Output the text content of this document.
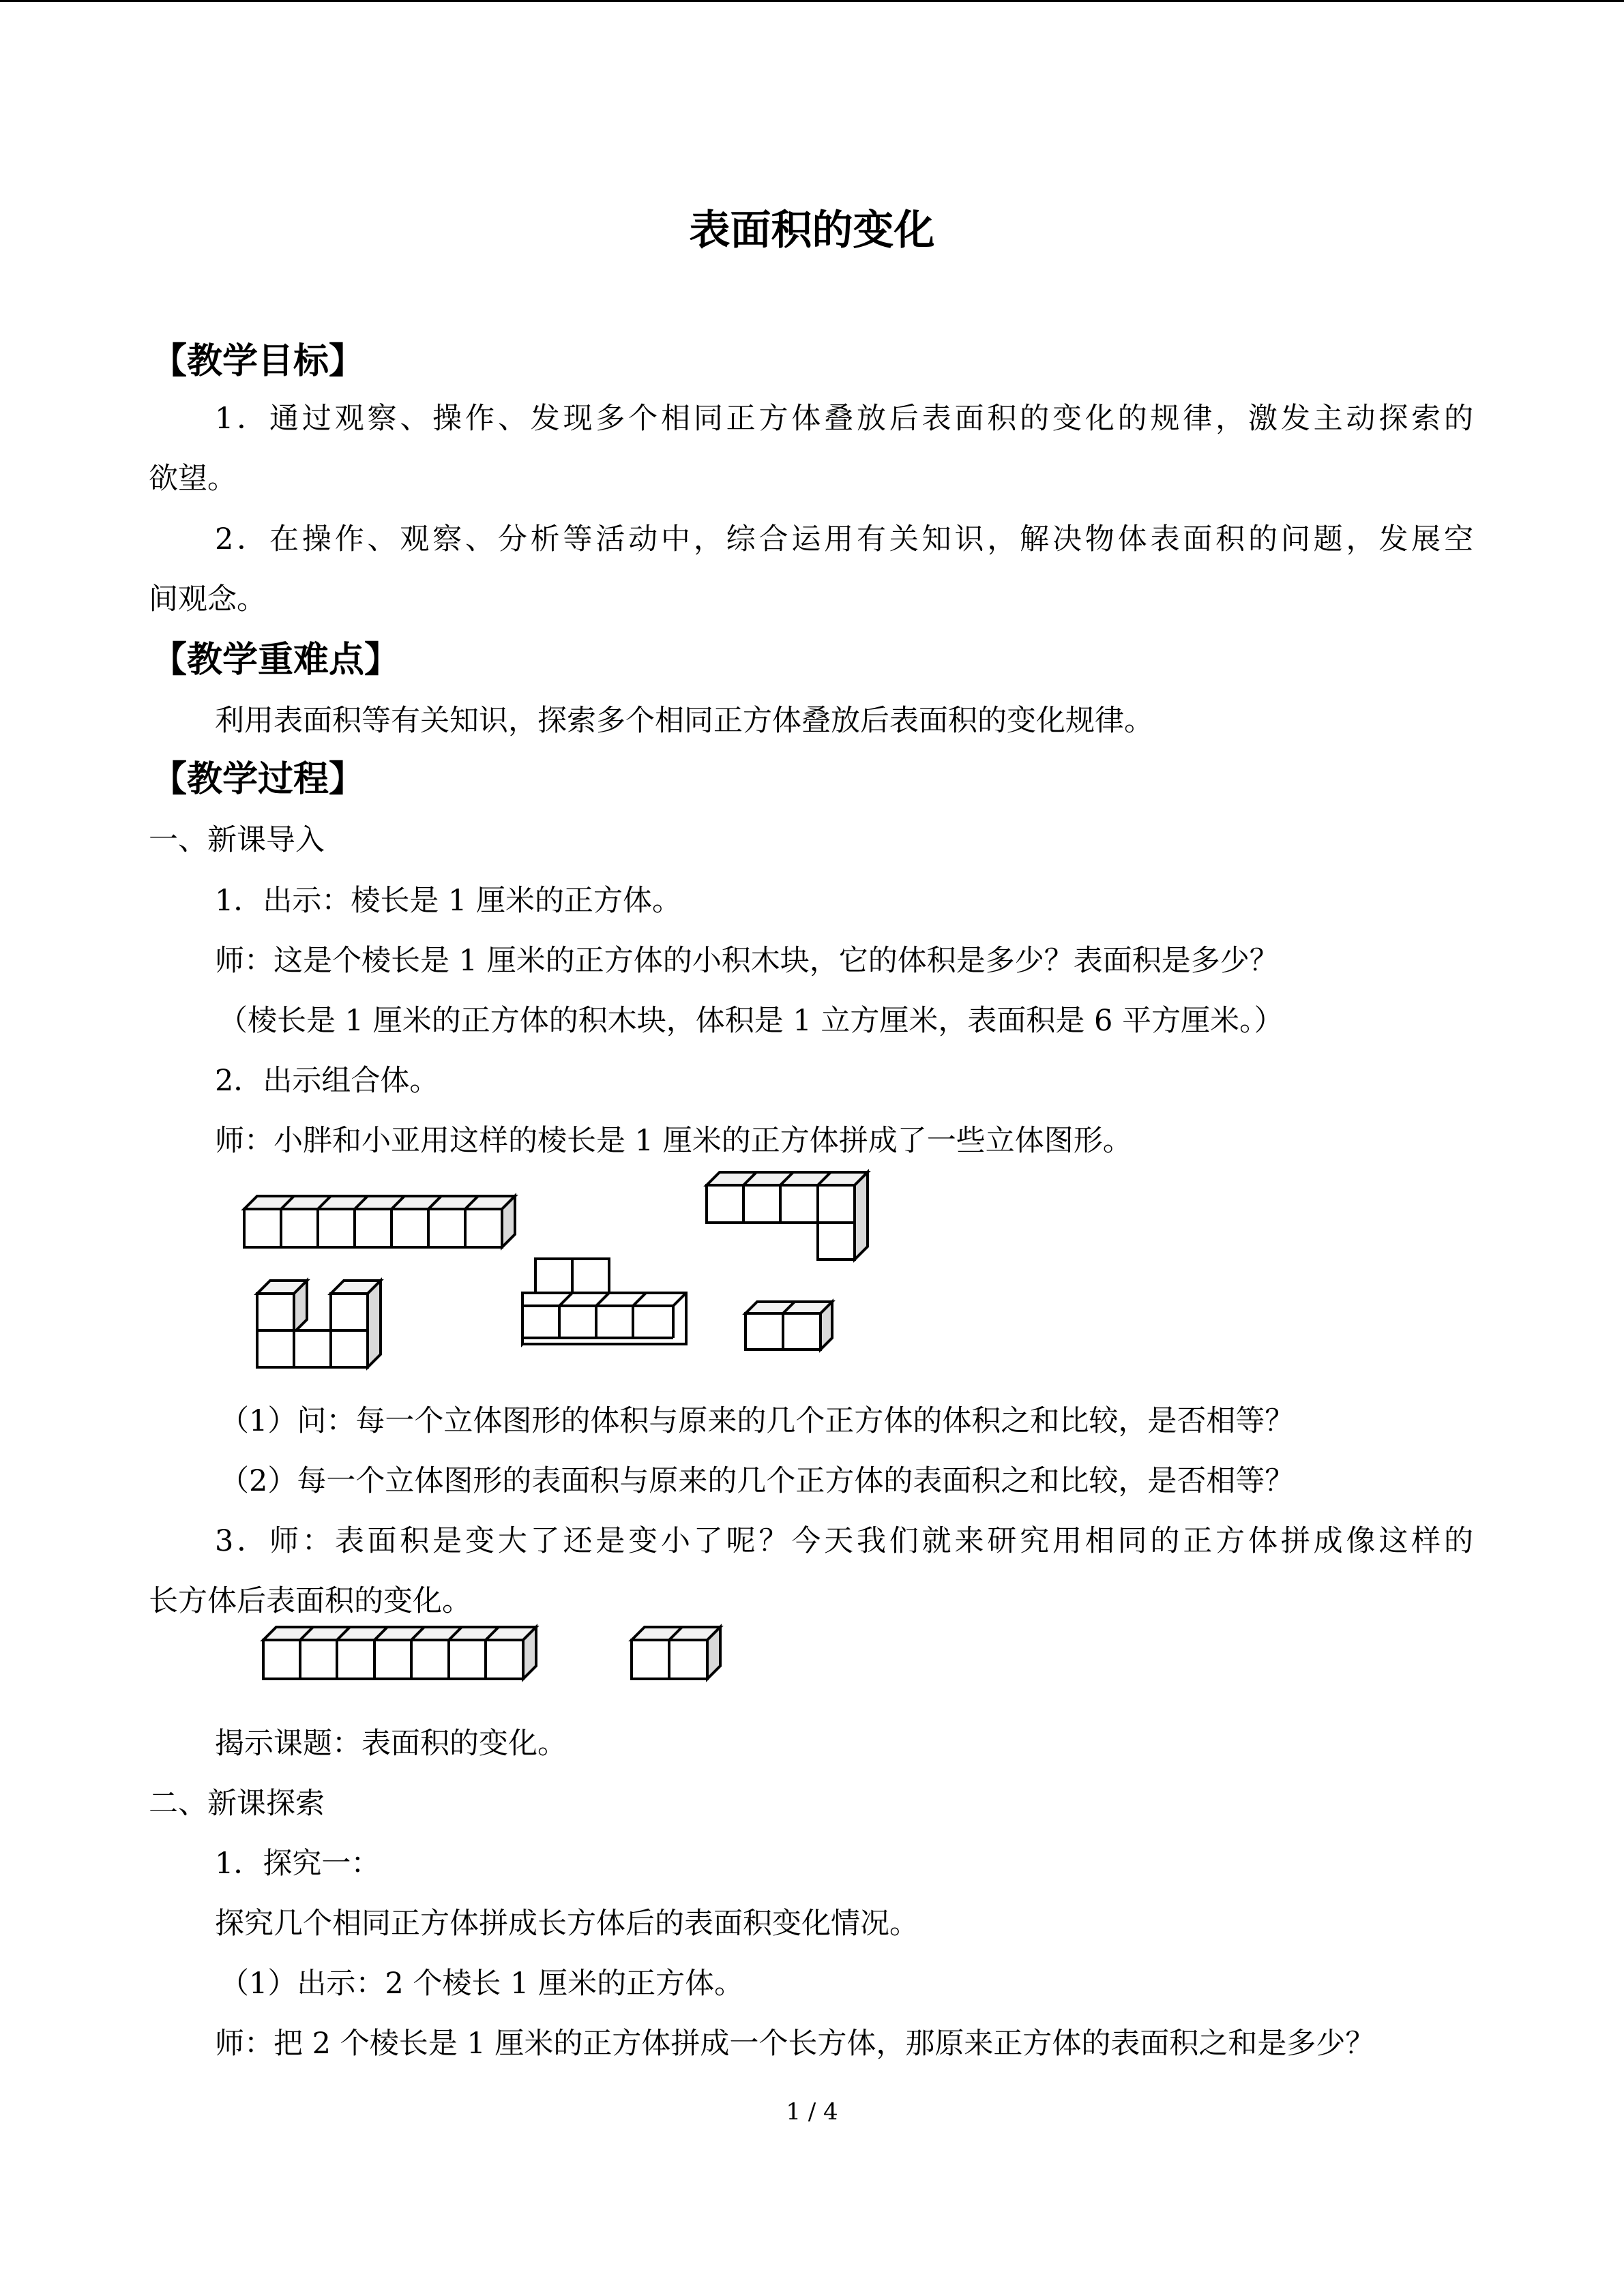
表面积的变化
【教学目标】
1．通过观察、操作、发现多个相同正方体叠放后表面积的变化的规律，激发主动探索的
欲望。
2．在操作、观察、分析等活动中，综合运用有关知识，解决物体表面积的问题，发展空
间观念。
【教学重难点】
利用表面积等有关知识，探索多个相同正方体叠放后表面积的变化规律。
【教学过程】
一、新课导入
1．出示：棱长是 1 厘米的正方体。
师：这是个棱长是 1 厘米的正方体的小积木块，它的体积是多少？表面积是多少？
（棱长是 1 厘米的正方体的积木块，体积是 1 立方厘米，表面积是 6 平方厘米。）
2．出示组合体。
师：小胖和小亚用这样的棱长是 1 厘米的正方体拼成了一些立体图形。
（1）问：每一个立体图形的体积与原来的几个正方体的体积之和比较，是否相等？
（2）每一个立体图形的表面积与原来的几个正方体的表面积之和比较，是否相等？
3．师：表面积是变大了还是变小了呢？今天我们就来研究用相同的正方体拼成像这样的
长方体后表面积的变化。
揭示课题：表面积的变化。
二、新课探索
1．探究一：
探究几个相同正方体拼成长方体后的表面积变化情况。
（1）出示：2 个棱长 1 厘米的正方体。
师：把 2 个棱长是 1 厘米的正方体拼成一个长方体，那原来正方体的表面积之和是多少？
1 / 4
